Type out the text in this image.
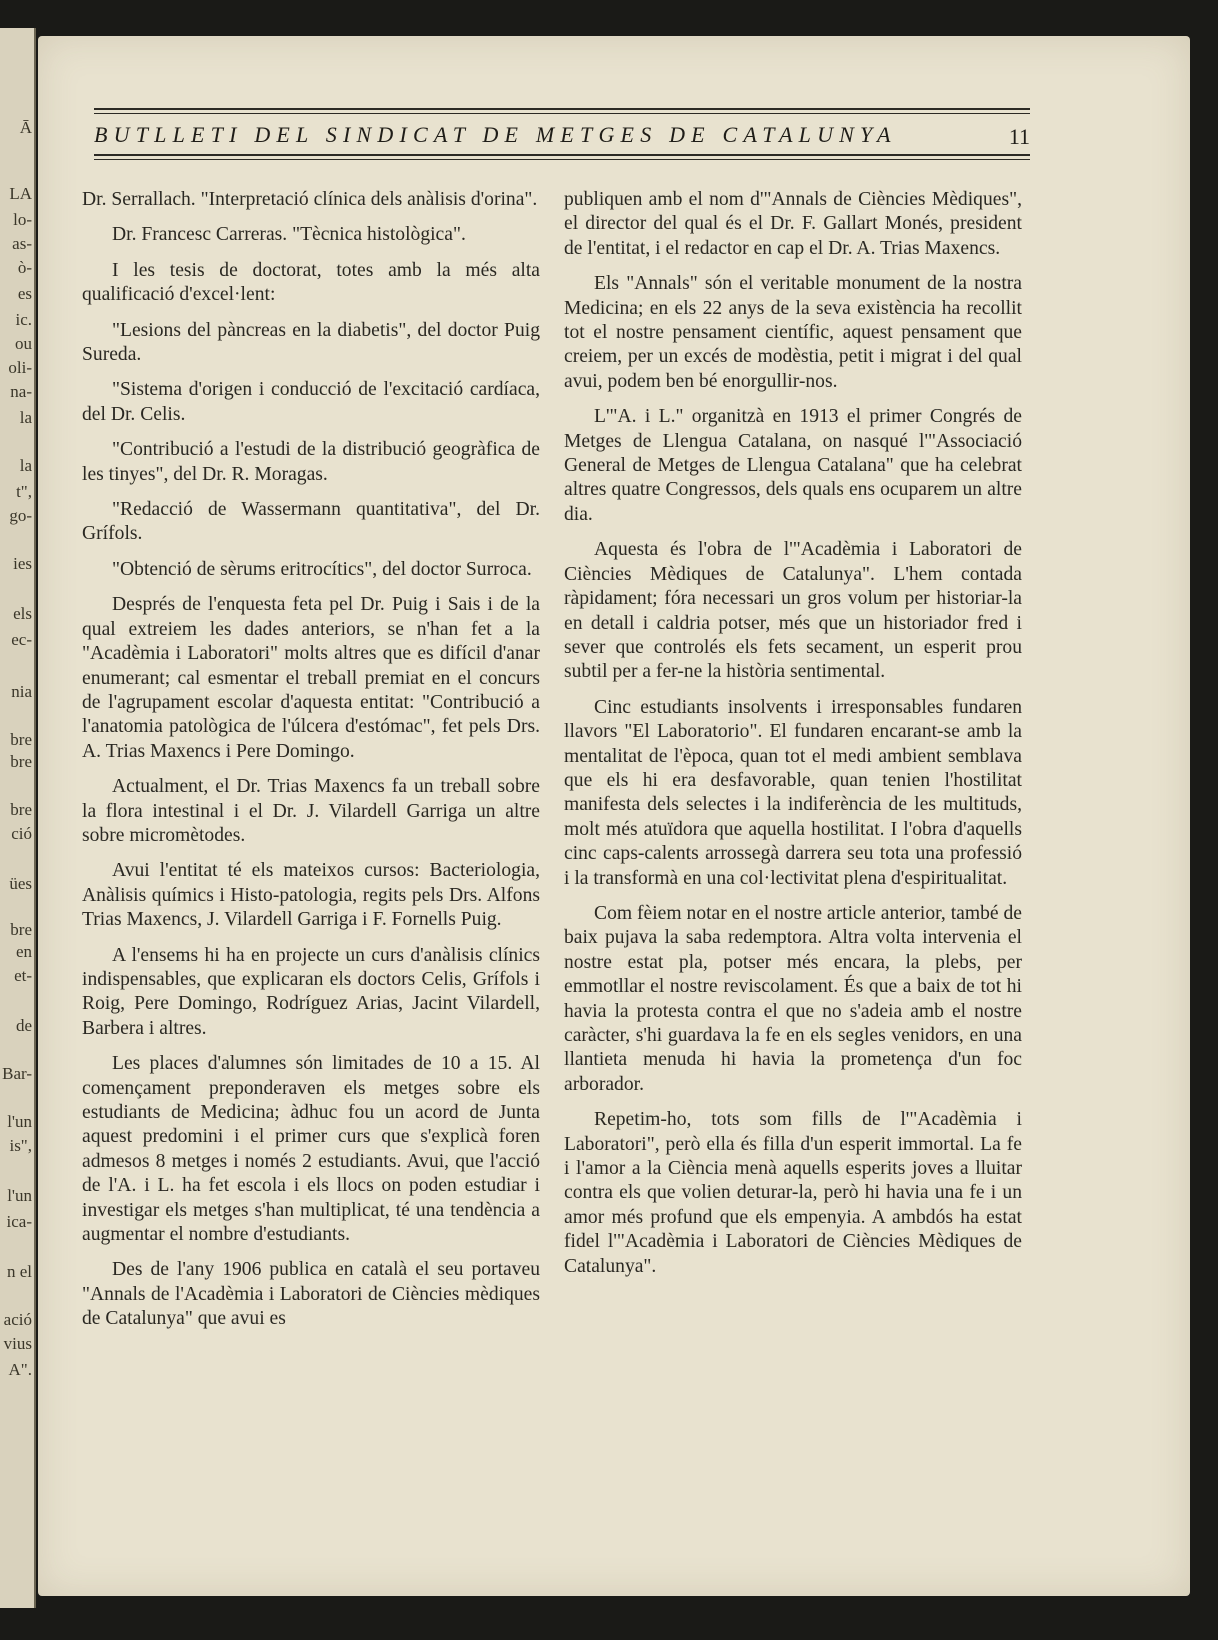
Ā
LA
lo-
as-
ò-
es
ic.
ou
oli-
na-
la
la
t",
go-
ies
els
ec-
nia
bre
bre
bre
ció
ües
bre
en
et-
de
Bar-
l'un
is",
l'un
ica-
n el
ació
vius
A".
BUTLLETI DEL SINDICAT DE METGES DE CATALUNYA	11

Dr. Serrallach. "Interpretació clínica dels anàlisis d'orina".

Dr. Francesc Carreras. "Tècnica histològica".

I les tesis de doctorat, totes amb la més alta qualificació d'excel·lent:

"Lesions del pàncreas en la diabetis", del doctor Puig Sureda.

"Sistema d'origen i conducció de l'excitació cardíaca, del Dr. Celis.

"Contribució a l'estudi de la distribució geogràfica de les tinyes", del Dr. R. Moragas.

"Redacció de Wassermann quantitativa", del Dr. Grífols.

"Obtenció de sèrums eritrocítics", del doctor Surroca.

Després de l'enquesta feta pel Dr. Puig i Sais i de la qual extreiem les dades anteriors, se n'han fet a la "Acadèmia i Laboratori" molts altres que es difícil d'anar enumerant; cal esmentar el treball premiat en el concurs de l'agrupament escolar d'aquesta entitat: "Contribució a l'anatomia patològica de l'úlcera d'estómac", fet pels Drs. A. Trias Maxencs i Pere Domingo.

Actualment, el Dr. Trias Maxencs fa un treball sobre la flora intestinal i el Dr. J. Vilardell Garriga un altre sobre micromètodes.

Avui l'entitat té els mateixos cursos: Bacteriologia, Anàlisis químics i Histo-patologia, regits pels Drs. Alfons Trias Maxencs, J. Vilardell Garriga i F. Fornells Puig.

A l'ensems hi ha en projecte un curs d'anàlisis clínics indispensables, que explicaran els doctors Celis, Grífols i Roig, Pere Domingo, Rodríguez Arias, Jacint Vilardell, Barbera i altres.

Les places d'alumnes són limitades de 10 a 15. Al començament preponderaven els metges sobre els estudiants de Medicina; àdhuc fou un acord de Junta aquest predomini i el primer curs que s'explicà foren admesos 8 metges i només 2 estudiants. Avui, que l'acció de l'A. i L. ha fet escola i els llocs on poden estudiar i investigar els metges s'han multiplicat, té una tendència a augmentar el nombre d'estudiants.

Des de l'any 1906 publica en català el seu portaveu "Annals de l'Acadèmia i Laboratori de Ciències mèdiques de Catalunya" que avui es

publiquen amb el nom d'"Annals de Ciències Mèdiques", el director del qual és el Dr. F. Gallart Monés, president de l'entitat, i el redactor en cap el Dr. A. Trias Maxencs.

Els "Annals" són el veritable monument de la nostra Medicina; en els 22 anys de la seva existència ha recollit tot el nostre pensament científic, aquest pensament que creiem, per un excés de modèstia, petit i migrat i del qual avui, podem ben bé enorgullir-nos.

L'"A. i L." organitzà en 1913 el primer Congrés de Metges de Llengua Catalana, on nasqué l'"Associació General de Metges de Llengua Catalana" que ha celebrat altres quatre Congressos, dels quals ens ocuparem un altre dia.

Aquesta és l'obra de l'"Acadèmia i Laboratori de Ciències Mèdiques de Catalunya". L'hem contada ràpidament; fóra necessari un gros volum per historiar-la en detall i caldria potser, més que un historiador fred i sever que controlés els fets secament, un esperit prou subtil per a fer-ne la història sentimental.

Cinc estudiants insolvents i irresponsables fundaren llavors "El Laboratorio". El fundaren encarant-se amb la mentalitat de l'època, quan tot el medi ambient semblava que els hi era desfavorable, quan tenien l'hostilitat manifesta dels selectes i la indiferència de les multituds, molt més atuïdora que aquella hostilitat. I l'obra d'aquells cinc caps-calents arrossegà darrera seu tota una professió i la transformà en una col·lectivitat plena d'espiritualitat.

Com fèiem notar en el nostre article anterior, també de baix pujava la saba redemptora. Altra volta intervenia el nostre estat pla, potser més encara, la plebs, per emmotllar el nostre reviscolament. És que a baix de tot hi havia la protesta contra el que no s'adeia amb el nostre caràcter, s'hi guardava la fe en els segles venidors, en una llantieta menuda hi havia la prometença d'un foc arborador.

Repetim-ho, tots som fills de l'"Acadèmia i Laboratori", però ella és filla d'un esperit immortal. La fe i l'amor a la Ciència menà aquells esperits joves a lluitar contra els que volien deturar-la, però hi havia una fe i un amor més profund que els empenyia. A ambdós ha estat fidel l'"Acadèmia i Laboratori de Ciències Mèdiques de Catalunya".
